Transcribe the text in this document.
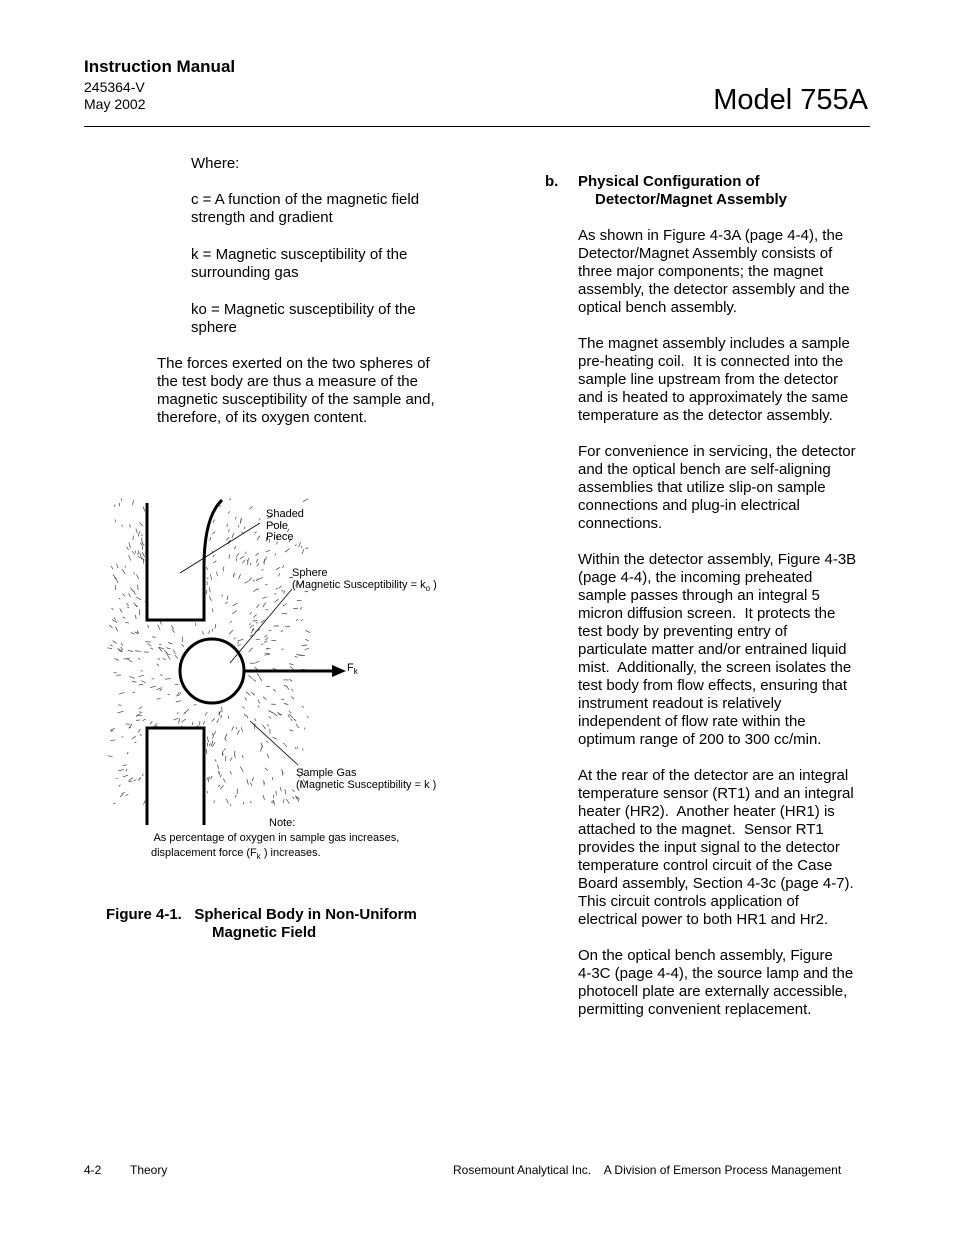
Instruction Manual
245364-V
May 2002	Model 755A

Where:

c = A function of the magnetic field

strength and gradient

k = Magnetic susceptibility of the

surrounding gas

ko = Magnetic susceptibility of the

sphere

The forces exerted on the two spheres of

the test body are thus a measure of the

magnetic susceptibility of the sample and,

therefore, of its oxygen content.

Shaded
Pole
Piece
Sphere
(Magnetic Susceptibility = $k_o$ )
$F_k$
Sample Gas
(Magnetic Susceptibility = k )
Note:
As percentage of oxygen in sample gas increases,
displacement force ($F_k$ ) increases.
Figure 4-1.   Spherical Body in Non-Uniform
Magnetic Field
b. Physical Configuration of
Detector/Magnet Assembly

As shown in Figure 4-3A (page 4-4), the

Detector/Magnet Assembly consists of

three major components; the magnet

assembly, the detector assembly and the

optical bench assembly.

The magnet assembly includes a sample

pre-heating coil.  It is connected into the

sample line upstream from the detector

and is heated to approximately the same

temperature as the detector assembly.

For convenience in servicing, the detector

and the optical bench are self-aligning

assemblies that utilize slip-on sample

connections and plug-in electrical

connections.

Within the detector assembly, Figure 4-3B

(page 4-4), the incoming preheated

sample passes through an integral 5

micron diffusion screen.  It protects the

test body by preventing entry of

particulate matter and/or entrained liquid

mist.  Additionally, the screen isolates the

test body from flow effects, ensuring that

instrument readout is relatively

independent of flow rate within the

optimum range of 200 to 300 cc/min.

At the rear of the detector are an integral

temperature sensor (RT1) and an integral

heater (HR2).  Another heater (HR1) is

attached to the magnet.  Sensor RT1

provides the input signal to the detector

temperature control circuit of the Case

Board assembly, Section 4-3c (page 4-7).

This circuit controls application of

electrical power to both HR1 and Hr2.

On the optical bench assembly, Figure

4-3C (page 4-4), the source lamp and the

photocell plate are externally accessible,

permitting convenient replacement.

4-2 Theory	Rosemount Analytical Inc.    A Division of Emerson Process Management
